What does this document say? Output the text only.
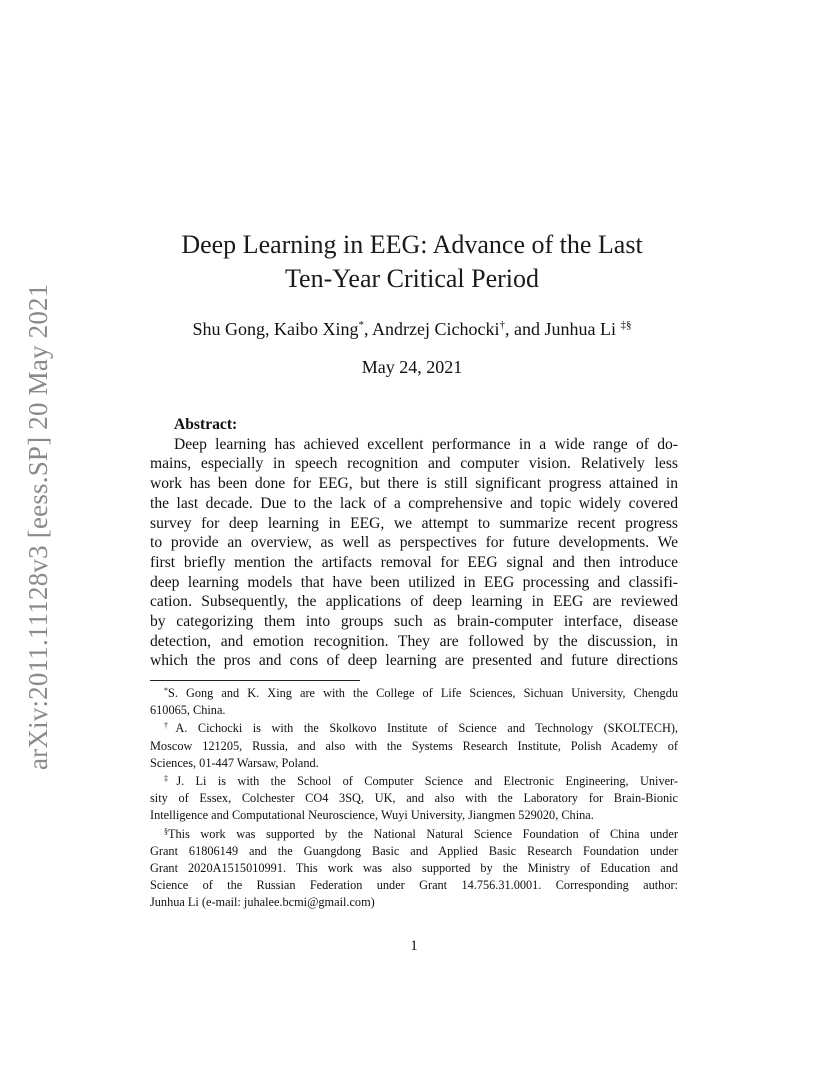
arXiv:2011.11128v3 [eess.SP] 20 May 2021
Deep Learning in EEG: Advance of the Last
Ten-Year Critical Period
Shu Gong, Kaibo Xing*, Andrzej Cichocki†, and Junhua Li ‡§
May 24, 2021
Abstract:
Deep learning has achieved excellent performance in a wide range of do-
mains, especially in speech recognition and computer vision. Relatively less
work has been done for EEG, but there is still significant progress attained in
the last decade. Due to the lack of a comprehensive and topic widely covered
survey for deep learning in EEG, we attempt to summarize recent progress
to provide an overview, as well as perspectives for future developments. We
first briefly mention the artifacts removal for EEG signal and then introduce
deep learning models that have been utilized in EEG processing and classifi-
cation. Subsequently, the applications of deep learning in EEG are reviewed
by categorizing them into groups such as brain-computer interface, disease
detection, and emotion recognition. They are followed by the discussion, in
which the pros and cons of deep learning are presented and future directions
*S. Gong and K. Xing are with the College of Life Sciences, Sichuan University, Chengdu
610065, China.
†A. Cichocki is with the Skolkovo Institute of Science and Technology (SKOLTECH),
Moscow 121205, Russia, and also with the Systems Research Institute, Polish Academy of
Sciences, 01-447 Warsaw, Poland.
‡J. Li is with the School of Computer Science and Electronic Engineering, Univer-
sity of Essex, Colchester CO4 3SQ, UK, and also with the Laboratory for Brain-Bionic
Intelligence and Computational Neuroscience, Wuyi University, Jiangmen 529020, China.
§This work was supported by the National Natural Science Foundation of China under
Grant 61806149 and the Guangdong Basic and Applied Basic Research Foundation under
Grant 2020A1515010991. This work was also supported by the Ministry of Education and
Science of the Russian Federation under Grant 14.756.31.0001. Corresponding author:
Junhua Li (e-mail: juhalee.bcmi@gmail.com)
1
